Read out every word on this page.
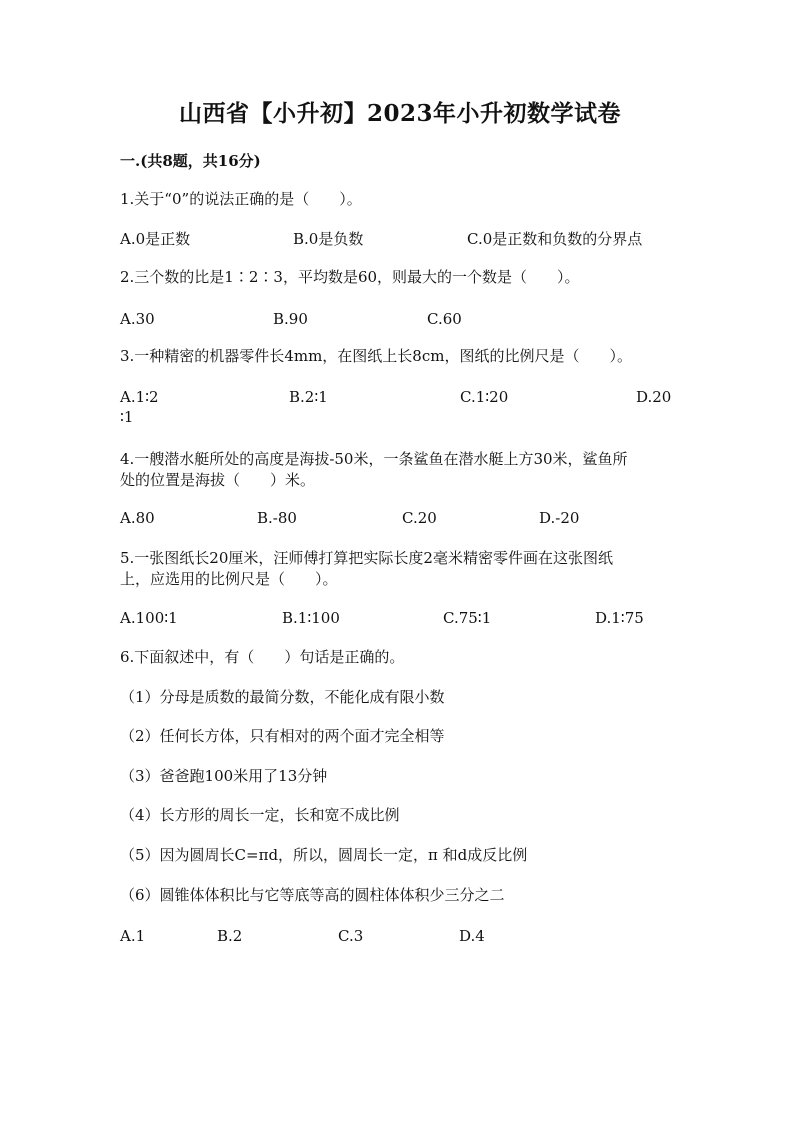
山西省【小升初】2023年小升初数学试卷
一.(共8题，共16分)
1.关于“0”的说法正确的是（　　）。
A.0是正数	B.0是负数	C.0是正数和负数的分界点
2.三个数的比是1∶2∶3，平均数是60，则最大的一个数是（　　）。
A.30	B.90	C.60
3.一种精密的机器零件长4mm，在图纸上长8cm，图纸的比例尺是（　　）。
A.1∶2	B.2∶1	C.1∶20	D.20
∶1
4.一艘潜水艇所处的高度是海拔-50米，一条鲨鱼在潜水艇上方30米，鲨鱼所
处的位置是海拔（　　）米。
A.80	B.-80	C.20	D.-20
5.一张图纸长20厘米，汪师傅打算把实际长度2毫米精密零件画在这张图纸
上，应选用的比例尺是（　　）。
A.100∶1	B.1∶100	C.75∶1	D.1∶75
6.下面叙述中，有（　　）句话是正确的。
（1）分母是质数的最简分数，不能化成有限小数
（2）任何长方体，只有相对的两个面才完全相等
（3）爸爸跑100米用了13分钟
（4）长方形的周长一定，长和宽不成比例
（5）因为圆周长C=πd，所以，圆周长一定，π 和d成反比例
（6）圆锥体体积比与它等底等高的圆柱体体积少三分之二
A.1	B.2	C.3	D.4
